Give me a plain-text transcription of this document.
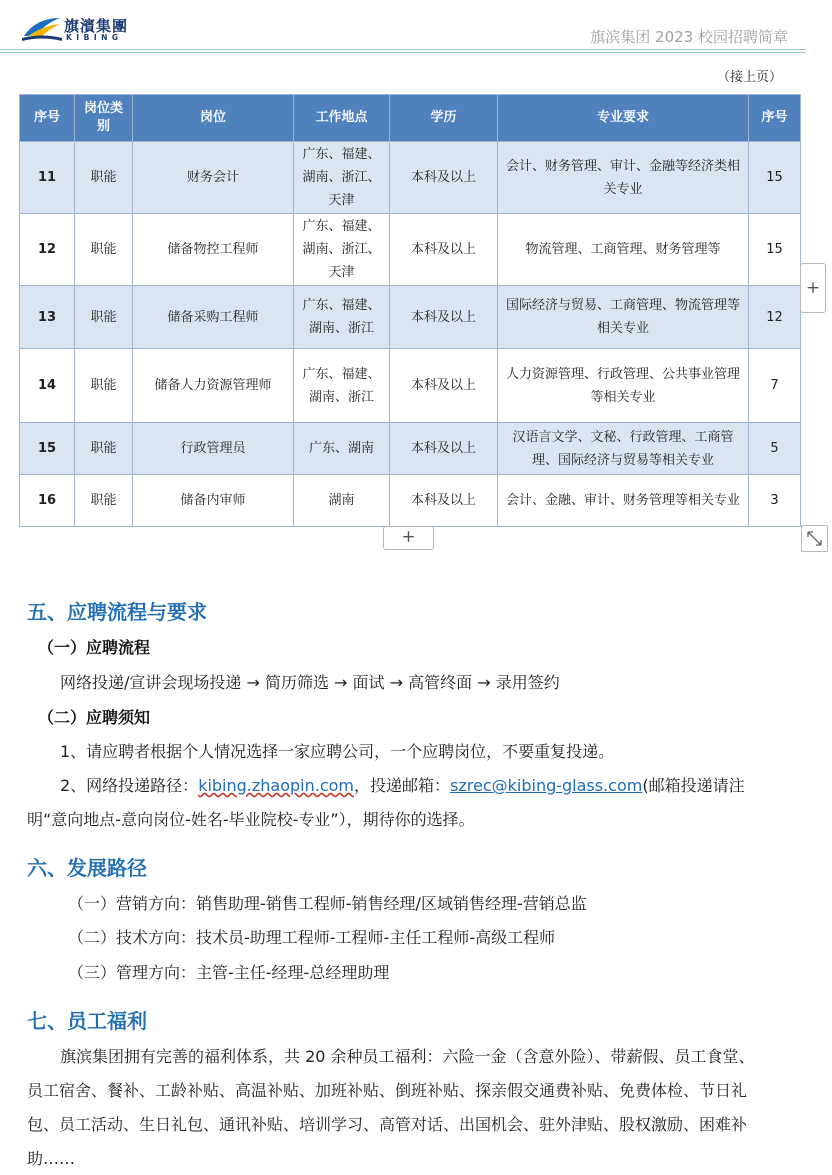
旗濱集團
KIBING	旗滨集团 2023 校园招聘简章
（接上页）
序号	岗位类别	岗位	工作地点	学历	专业要求	序号
11	职能	财务会计	广东、福建、湖南、浙江、天津	本科及以上	会计、财务管理、审计、金融等经济类相关专业	15
12	职能	储备物控工程师	广东、福建、湖南、浙江、天津	本科及以上	物流管理、工商管理、财务管理等	15
13	职能	储备采购工程师	广东、福建、湖南、浙江	本科及以上	国际经济与贸易、工商管理、物流管理等相关专业	12
14	职能	储备人力资源管理师	广东、福建、湖南、浙江	本科及以上	人力资源管理、行政管理、公共事业管理等相关专业	7
15	职能	行政管理员	广东、湖南	本科及以上	汉语言文学、文秘、行政管理、工商管理、国际经济与贸易等相关专业	5
16	职能	储备内审师	湖南	本科及以上	会计、金融、审计、财务管理等相关专业	3
+
+
五、应聘流程与要求
（一）应聘流程
网络投递/宣讲会现场投递 → 简历筛选 → 面试 → 高管终面 → 录用签约
（二）应聘须知
1、请应聘者根据个人情况选择一家应聘公司，一个应聘岗位，不要重复投递。
2、网络投递路径：kibing.zhaopin.com，投递邮箱：szrec@kibing-glass.com(邮箱投递请注
明“意向地点-意向岗位-姓名-毕业院校-专业”），期待你的选择。
六、发展路径
（一）营销方向：销售助理-销售工程师-销售经理/区域销售经理-营销总监
（二）技术方向：技术员-助理工程师-工程师-主任工程师-高级工程师
（三）管理方向：主管-主任-经理-总经理助理
七、员工福利
旗滨集团拥有完善的福利体系，共 20 余种员工福利：六险一金（含意外险）、带薪假、员工食堂、
员工宿舍、餐补、工龄补贴、高温补贴、加班补贴、倒班补贴、探亲假交通费补贴、免费体检、节日礼
包、员工活动、生日礼包、通讯补贴、培训学习、高管对话、出国机会、驻外津贴、股权激励、困难补
助……
